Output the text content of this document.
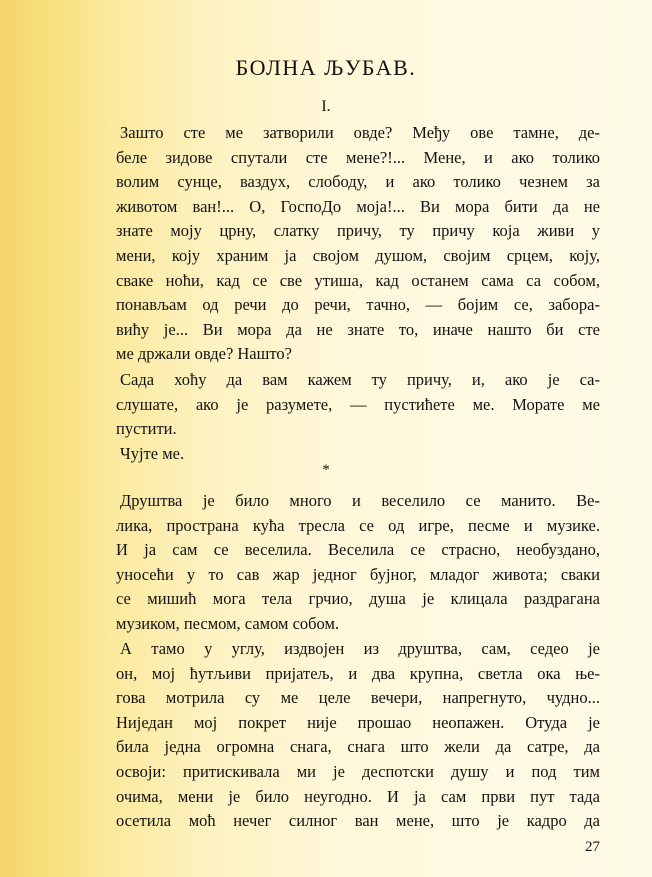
БОЛНА ЉУБАВ.
I.
Зашто сте ме затворили овде? Међу ове тамне, де-
беле зидове спутали сте мене?!... Мене, и ако толико
волим сунце, ваздух, слободу, и ако толико чезнем за
животом ван!... О, ГоспоДо моја!... Ви мора бити да не
знате моју црну, слатку причу, ту причу која живи у
мени, коју храним ја својом душом, својим срцем, коју,
сваке ноћи, кад се све утиша, кад останем сама са собом,
понављам од речи до речи, тачно, — бојим се, забора-
вићу је... Ви мора да не знате то, иначе нашто би сте
ме држали овде? Нашто?
Сада хоћу да вам кажем ту причу, и, ако је са-
слушате, ако је разумете, — пустићете ме. Морате ме
пустити.
Чујте ме.
*
Друштва је било много и веселило се манито. Ве-
лика, пространа кућа тресла се од игре, песме и музике.
И ја сам се веселила. Веселила се страсно, необуздано,
уносећи у то сав жар једног бујног, младог живота; сваки
се мишић мога тела грчио, душа је клицала раздрагана
музиком, песмом, самом собом.
А тамо у углу, издвојен из друштва, сам, седео је
он, мој ћутљиви пријатељ, и два крупна, светла ока ње-
гова мотрила су ме целе вечери, напрегнуто, чудно...
Ниједан мој покрет није прошао неопажен. Отуда је
била једна огромна снага, снага што жели да сатре, да
освоји: притискивала ми је деспотски душу и под тим
очима, мени је било неугодно. И ја сам први пут тада
осетила моћ нечег силног ван мене, што је кадро да
27
